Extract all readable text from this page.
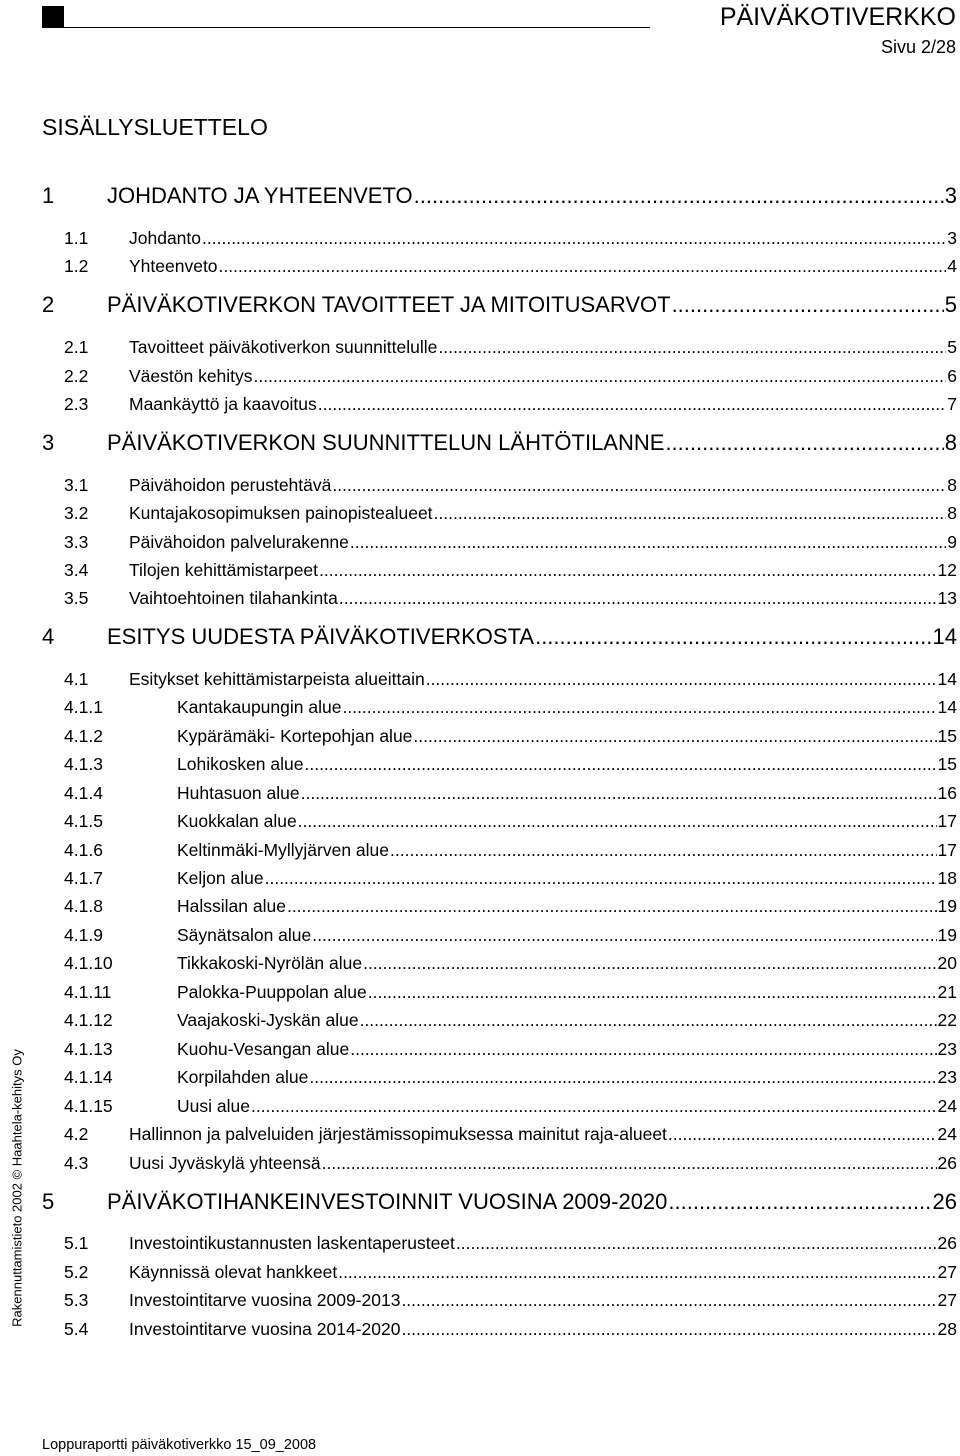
PÄIVÄKOTIVERKKO
Sivu 2/28
SISÄLLYSLUETTELO
1	JOHDANTO JA YHTEENVETO .....	3
1.1	Johdanto .....	3
1.2	Yhteenveto .....	4
2	PÄIVÄKOTIVERKON TAVOITTEET JA MITOITUSARVOT .....	5
2.1	Tavoitteet päiväkotiverkon suunnittelulle .....	5
2.2	Väestön kehitys .....	6
2.3	Maankäyttö ja kaavoitus .....	7
3	PÄIVÄKOTIVERKON SUUNNITTELUN LÄHTÖTILANNE .....	8
3.1	Päivähoidon perustehtävä .....	8
3.2	Kuntajakosopimuksen painopistealueet .....	8
3.3	Päivähoidon palvelurakenne .....	9
3.4	Tilojen kehittämistarpeet .....	12
3.5	Vaihtoehtoinen tilahankinta .....	13
4	ESITYS UUDESTA PÄIVÄKOTIVERKOSTA .....	14
4.1	Esitykset kehittämistarpeista alueittain .....	14
4.1.1	Kantakaupungin alue .....	14
4.1.2	Kypärämäki- Kortepohjan alue .....	15
4.1.3	Lohikosken alue .....	15
4.1.4	Huhtasuon alue .....	16
4.1.5	Kuokkalan alue .....	17
4.1.6	Keltinmäki-Myllyjärven alue .....	17
4.1.7	Keljon alue .....	18
4.1.8	Halssilan alue .....	19
4.1.9	Säynätsalon alue .....	19
4.1.10	Tikkakoski-Nyrölän alue .....	20
4.1.11	Palokka-Puuppolan alue .....	21
4.1.12	Vaajakoski-Jyskän alue .....	22
4.1.13	Kuohu-Vesangan alue .....	23
4.1.14	Korpilahden alue .....	23
4.1.15	Uusi alue .....	24
4.2	Hallinnon ja palveluiden järjestämissopimuksessa mainitut raja-alueet .....	24
4.3	Uusi Jyväskylä yhteensä .....	26
5	PÄIVÄKOTIHANKEINVESTOINNIT VUOSINA 2009-2020 .....	26
5.1	Investointikustannusten laskentaperusteet .....	26
5.2	Käynnissä olevat hankkeet .....	27
5.3	Investointitarve vuosina 2009-2013 .....	27
5.4	Investointitarve vuosina 2014-2020 .....	28
Rakennuttamistieto 2002 © Haahtela-kehitys Oy
Loppuraportti päiväkotiverkko 15_09_2008
